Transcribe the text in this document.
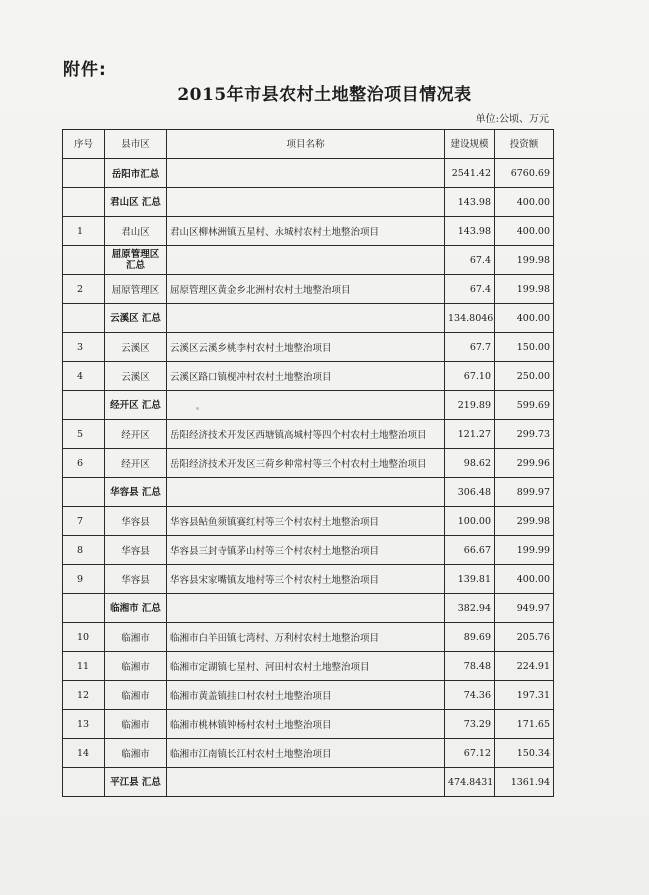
附件:
2015年市县农村土地整治项目情况表
单位:公顷、万元
序号	县市区	项目名称	建设规模	投资额
	岳阳市汇总		2541.42	6760.69
	君山区 汇总		143.98	400.00
1	君山区	君山区柳林洲镇五星村、永城村农村土地整治项目	143.98	400.00
	屈原管理区汇总		67.4	199.98
2	屈原管理区	屈原管理区黄金乡北洲村农村土地整治项目	67.4	199.98
	云溪区 汇总		134.8046	400.00
3	云溪区	云溪区云溪乡桃李村农村土地整治项目	67.7	150.00
4	云溪区	云溪区路口镇枧冲村农村土地整治项目	67.10	250.00
	经开区 汇总		219.89	599.69
5	经开区	岳阳经济技术开发区西塘镇高城村等四个村农村土地整治项目	121.27	299.73
6	经开区	岳阳经济技术开发区三荷乡种常村等三个村农村土地整治项目	98.62	299.96
	华容县 汇总		306.48	899.97
7	华容县	华容县鲇鱼须镇赛红村等三个村农村土地整治项目	100.00	299.98
8	华容县	华容县三封寺镇茅山村等三个村农村土地整治项目	66.67	199.99
9	华容县	华容县宋家嘴镇友地村等三个村农村土地整治项目	139.81	400.00
	临湘市 汇总		382.94	949.97
10	临湘市	临湘市白羊田镇七湾村、万利村农村土地整治项目	89.69	205.76
11	临湘市	临湘市定湖镇七星村、河田村农村土地整治项目	78.48	224.91
12	临湘市	临湘市黄盖镇挂口村农村土地整治项目	74.36	197.31
13	临湘市	临湘市桃林镇钟杨村农村土地整治项目	73.29	171.65
14	临湘市	临湘市江南镇长江村农村土地整治项目	67.12	150.34
	平江县 汇总		474.8431	1361.94
